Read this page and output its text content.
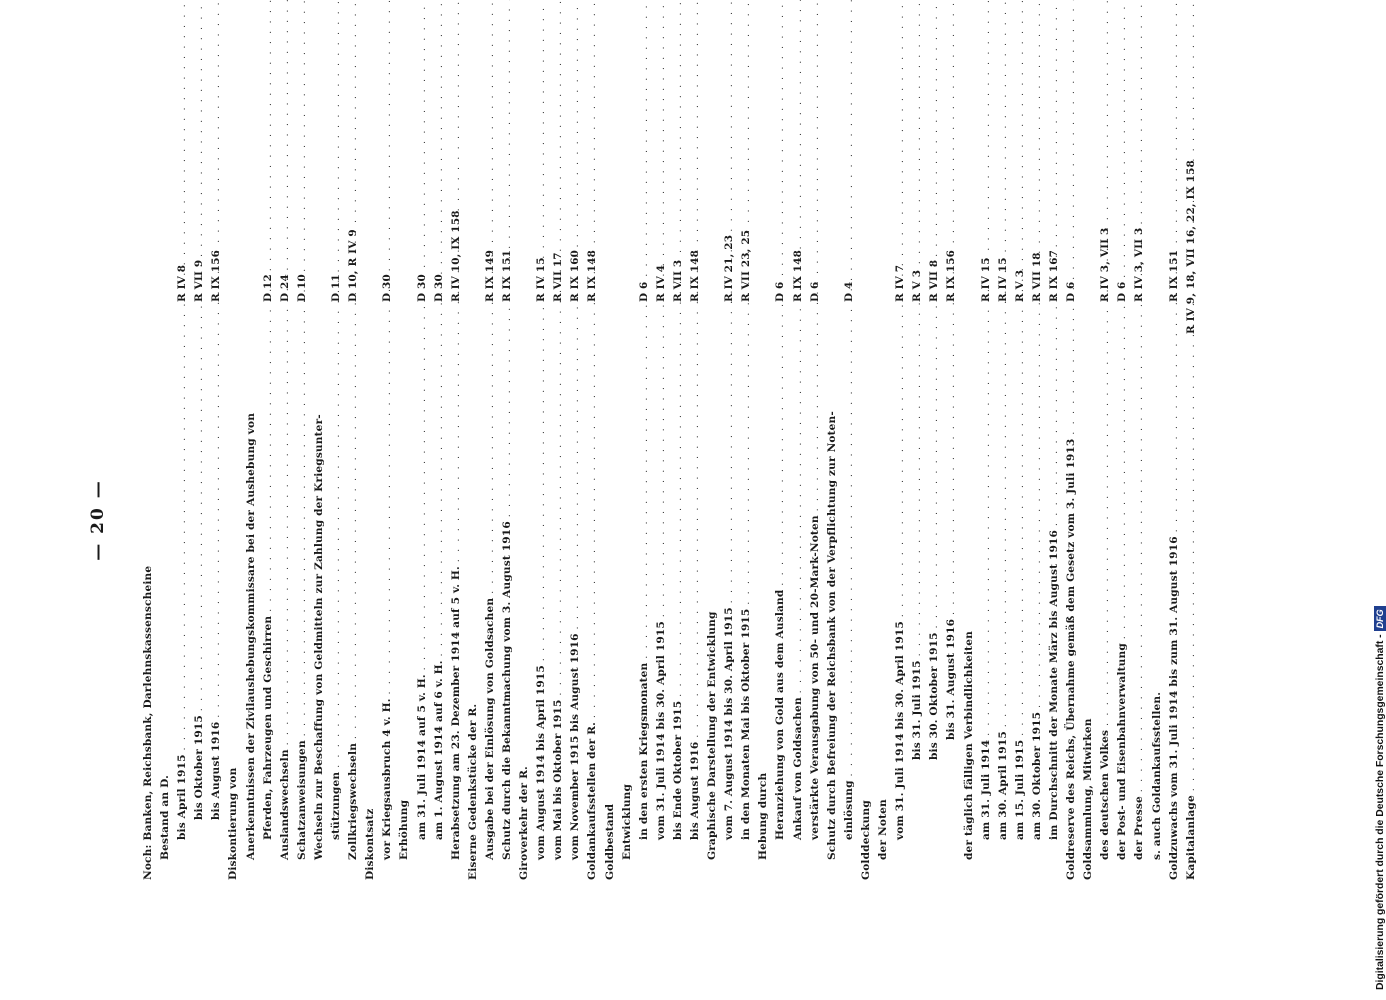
— 20 —
Noch: Banken, Reichsbank, Darlehnskassenscheine Bestand an D. bis April 1915
. . .
R IV 8
bis Oktober 1915
. . .
R VII 9
bis August 1916
. . .
R IX 156
Diskontierung von Anerkenntnissen der Zivilaushebungskommissare bei der Aushebung von Pferden, Fahrzeugen und Geschirren
. . .
D 12
Auslandswechseln
. . .
D 24
Schatzanweisungen
. . .
D 10
Wechseln zur Beschaffung von Geldmitteln zur Zahlung der Kriegsunter- stützungen
. . .
D 11
Zollkriegswechseln
. . .
D 10, R IV 9
Diskontsatz vor Kriegsausbruch 4 v. H.
. . .
D 30
Erhöhung am 31. Juli 1914 auf 5 v. H.
. . .
D 30
am 1. August 1914 auf 6 v. H.
. . .
D 30
Herabsetzung am 23. Dezember 1914 auf 5 v. H.
. . .
R IV 10, IX 158
Eiserne Gedenkstücke der R. Ausgabe bei der Einlösung von Goldsachen
. . .
R IX 149
Schutz durch die Bekanntmachung vom 3. August 1916
. . .
R IX 151
Giroverkehr der R. vom August 1914 bis April 1915
. . .
R IV 15
vom Mai bis Oktober 1915
. . .
R VII 17
vom November 1915 bis August 1916
. . .
R IX 160
Goldankaufsstellen der R.
. . .
R IX 148
Goldbestand Entwicklung in den ersten Kriegsmonaten
. . .
D 6
vom 31. Juli 1914 bis 30. April 1915
. . .
R IV 4
bis Ende Oktober 1915
. . .
R VII 3
bis August 1916
. . .
R IX 148
Graphische Darstellung der Entwicklung vom 7. August 1914 bis 30. April 1915
. . .
R IV 21, 23
in den Monaten Mai bis Oktober 1915
. . .
R VII 23, 25
Hebung durch Heranziehung von Gold aus dem Ausland
. . .
D 6
Ankauf von Goldsachen
. . .
R IX 148
verstärkte Verausgabung von 50- und 20-Mark-Noten
. . .
D 6
Schutz durch Befreiung der Reichsbank von der Verpflichtung zur Noten- einlösung
. . .
D 4
Golddeckung der Noten vom 31. Juli 1914 bis 30. April 1915
. . .
R IV 7
bis 31. Juli 1915
. . .
R V 3
bis 30. Oktober 1915
. . .
R VII 8
bis 31. August 1916
. . .
R IX 156
der täglich fälligen Verbindlichkeiten am 31. Juli 1914
. . .
R IV 15
am 30. April 1915
. . .
R IV 15
am 15. Juli 1915
. . .
R V 3
am 30. Oktober 1915
. . .
R VII 18
im Durchschnitt der Monate März bis August 1916
. . .
R IX 167
Goldreserve des Reichs, Übernahme gemäß dem Gesetz vom 3. Juli 1913
. . .
D 6
Goldsammlung, Mitwirken des deutschen Volkes
. . .
R IV 3, VII 3
der Post- und Eisenbahnverwaltung
. . .
D 6
der Presse
. . .
R IV 3, VII 3
s. auch Goldankaufsstellen. Goldzuwachs vom 31. Juli 1914 bis zum 31. August 1916
. . .
R IX 151
Kapitalanlage
. . .
R IV 9, 18, VII 16, 22, IX 158
Digitalisierung gefördert durch die Deutsche Forschungsgemeinschaft -DFG
